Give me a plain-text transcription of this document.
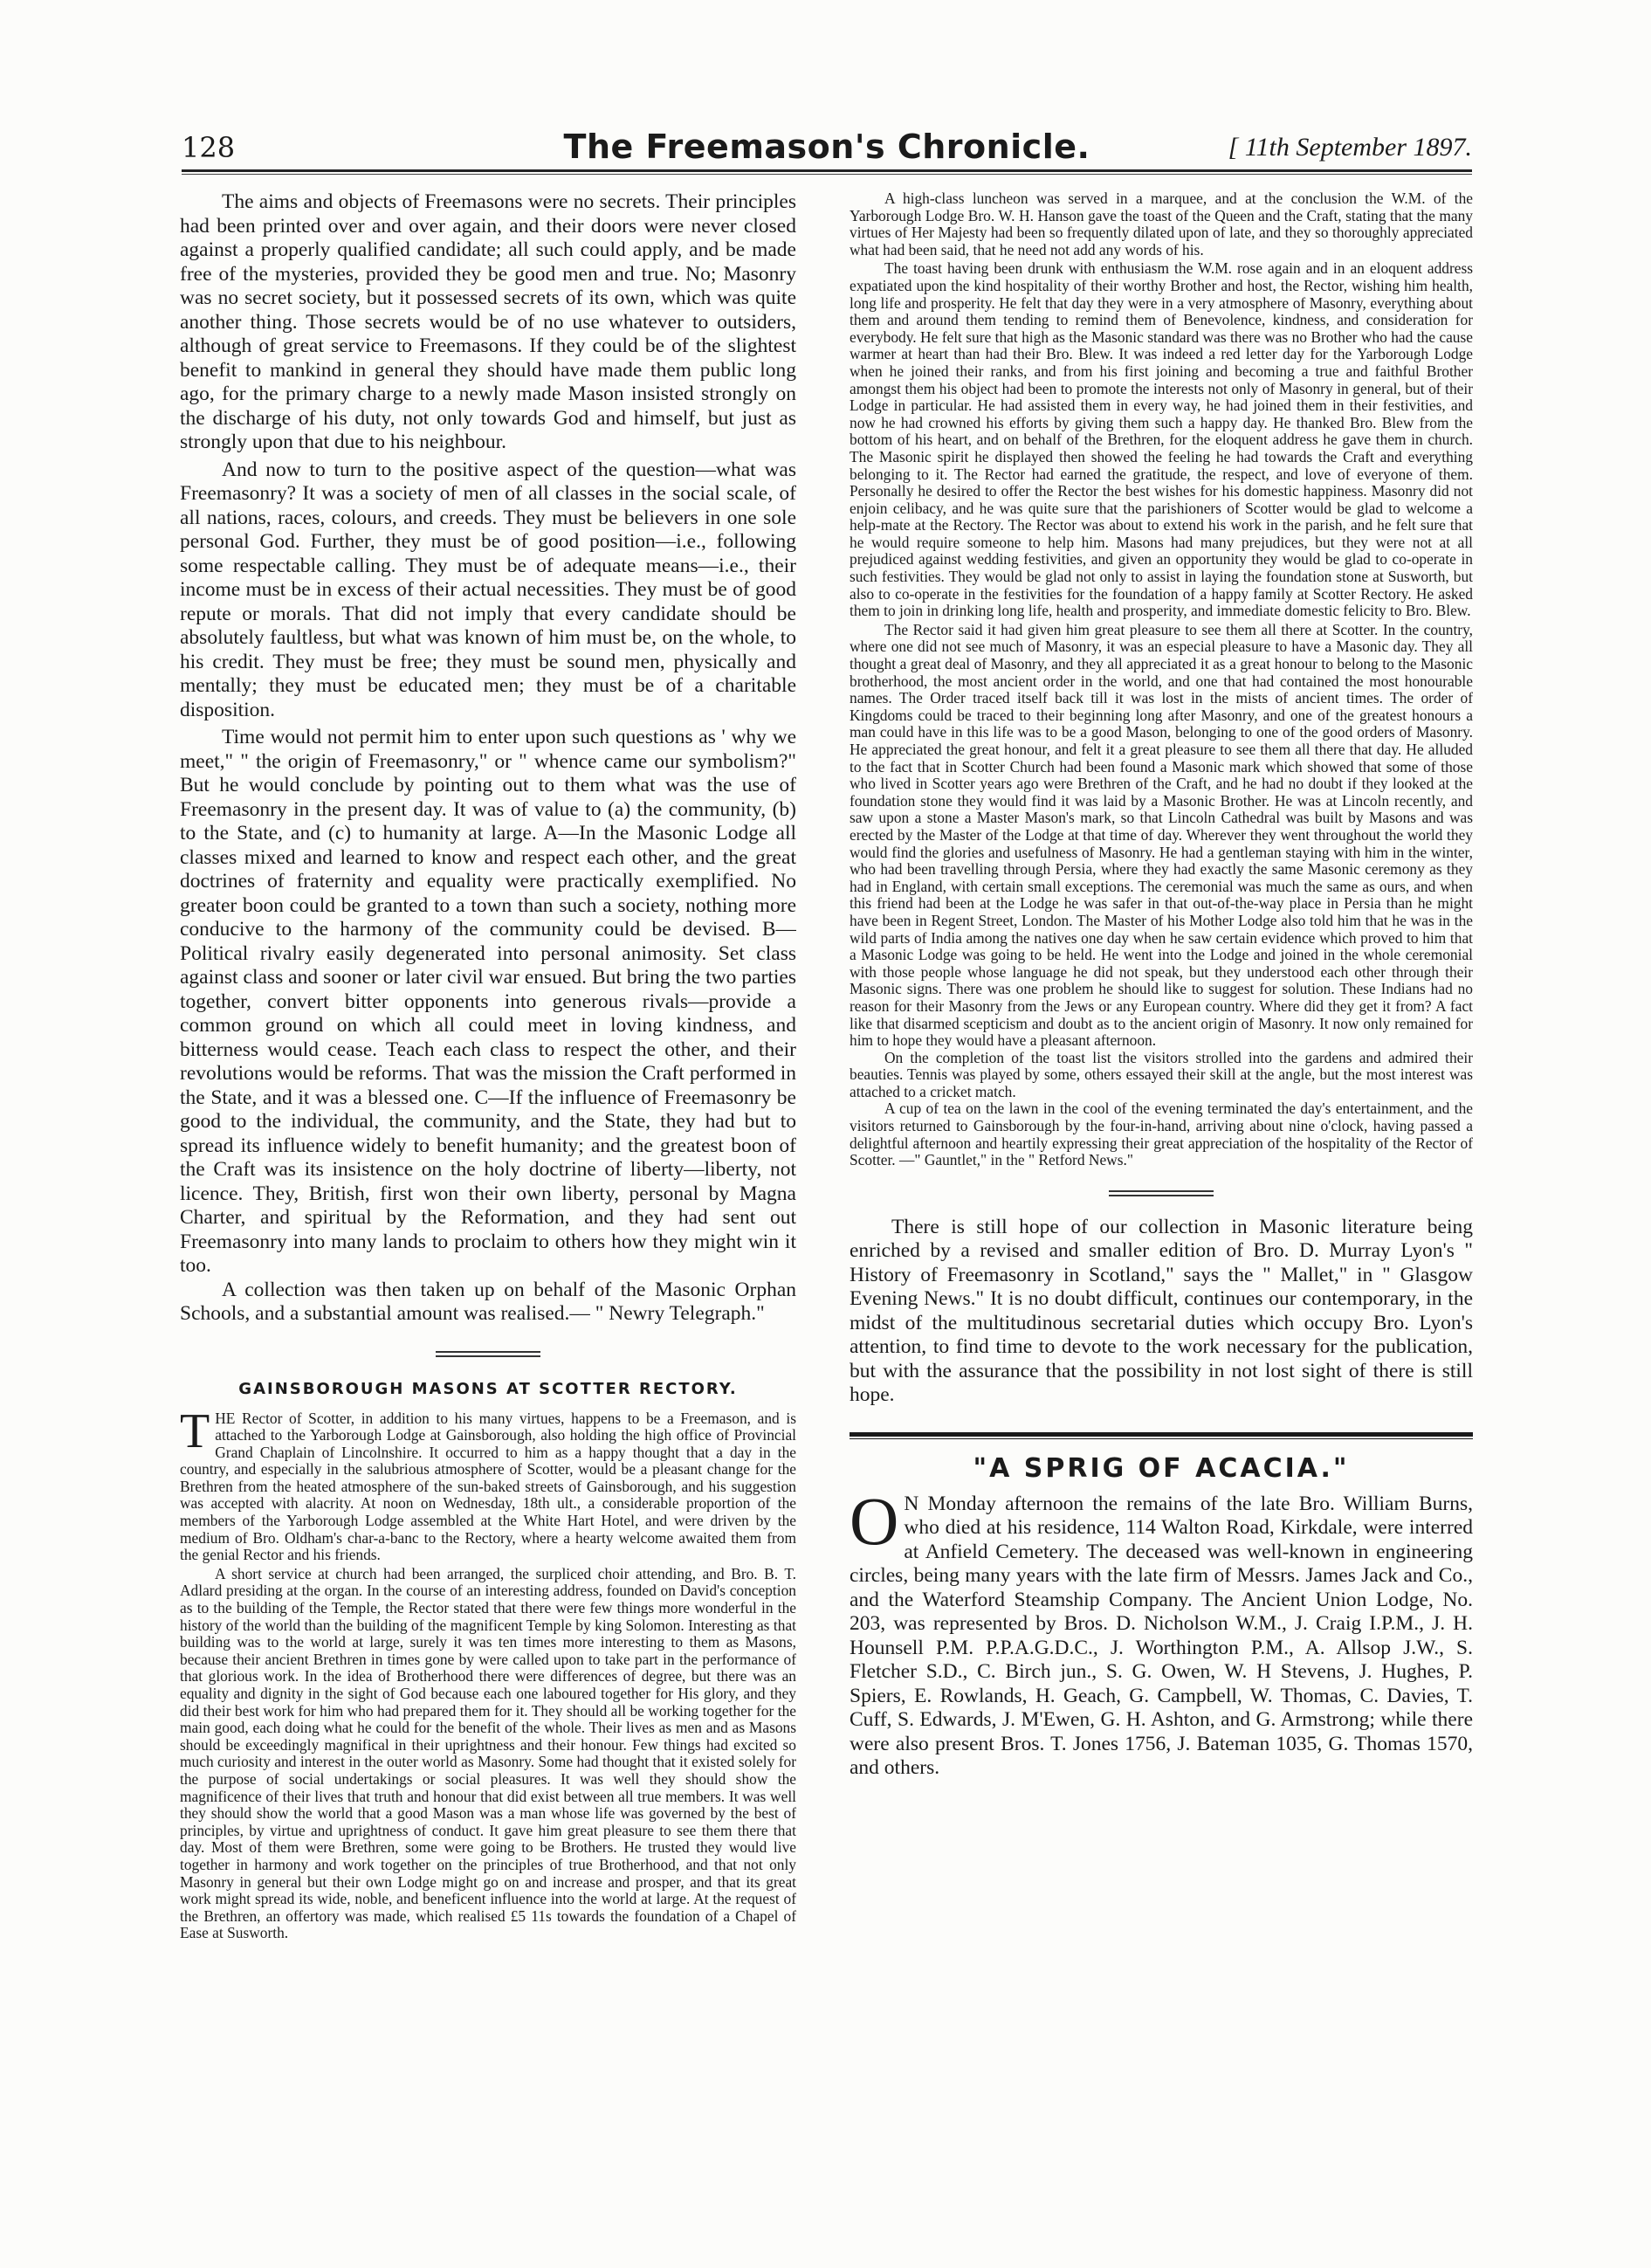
128	The Freemason's Chronicle.	[ 11th September 1897.

The aims and objects of Freemasons were no secrets. Their principles had been printed over and over again, and their doors were never closed against a properly qualified candidate; all such could apply, and be made free of the mysteries, provided they be good men and true. No; Masonry was no secret society, but it possessed secrets of its own, which was quite another thing. Those secrets would be of no use whatever to outsiders, although of great service to Freemasons. If they could be of the slightest benefit to mankind in general they should have made them public long ago, for the primary charge to a newly made Mason insisted strongly on the discharge of his duty, not only towards God and himself, but just as strongly upon that due to his neighbour.

And now to turn to the positive aspect of the question—what was Freemasonry? It was a society of men of all classes in the social scale, of all nations, races, colours, and creeds. They must be believers in one sole personal God. Further, they must be of good position—i.e., following some respectable calling. They must be of adequate means—i.e., their income must be in excess of their actual necessities. They must be of good repute or morals. That did not imply that every candidate should be absolutely faultless, but what was known of him must be, on the whole, to his credit. They must be free; they must be sound men, physically and mentally; they must be educated men; they must be of a charitable disposition.

Time would not permit him to enter upon such questions as ' why we meet," " the origin of Freemasonry," or " whence came our symbolism?" But he would conclude by pointing out to them what was the use of Freemasonry in the present day. It was of value to (a) the community, (b) to the State, and (c) to humanity at large. A—In the Masonic Lodge all classes mixed and learned to know and respect each other, and the great doctrines of fraternity and equality were practically exemplified. No greater boon could be granted to a town than such a society, nothing more conducive to the harmony of the community could be devised. B—Political rivalry easily degenerated into personal animosity. Set class against class and sooner or later civil war ensued. But bring the two parties together, convert bitter opponents into generous rivals—provide a common ground on which all could meet in loving kindness, and bitterness would cease. Teach each class to respect the other, and their revolutions would be reforms. That was the mission the Craft performed in the State, and it was a blessed one. C—If the influence of Freemasonry be good to the individual, the community, and the State, they had but to spread its influence widely to benefit humanity; and the greatest boon of the Craft was its insistence on the holy doctrine of liberty—liberty, not licence. They, British, first won their own liberty, personal by Magna Charter, and spiritual by the Reformation, and they had sent out Freemasonry into many lands to proclaim to others how they might win it too.

A collection was then taken up on behalf of the Masonic Orphan Schools, and a substantial amount was realised.— " Newry Telegraph."

GAINSBOROUGH MASONS AT SCOTTER RECTORY.
T HE Rector of Scotter, in addition to his many virtues, happens to be a Freemason, and is attached to the Yarborough Lodge at Gainsborough, also holding the high office of Provincial Grand Chaplain of Lincolnshire. It occurred to him as a happy thought that a day in the country, and especially in the salubrious atmosphere of Scotter, would be a pleasant change for the Brethren from the heated atmosphere of the sun-baked streets of Gainsborough, and his suggestion was accepted with alacrity. At noon on Wednesday, 18th ult., a considerable proportion of the members of the Yarborough Lodge assembled at the White Hart Hotel, and were driven by the medium of Bro. Oldham's char-a-banc to the Rectory, where a hearty welcome awaited them from the genial Rector and his friends.

A short service at church had been arranged, the surpliced choir attending, and Bro. B. T. Adlard presiding at the organ. In the course of an interesting address, founded on David's conception as to the building of the Temple, the Rector stated that there were few things more wonderful in the history of the world than the building of the magnificent Temple by king Solomon. Interesting as that building was to the world at large, surely it was ten times more interesting to them as Masons, because their ancient Brethren in times gone by were called upon to take part in the performance of that glorious work. In the idea of Brotherhood there were differences of degree, but there was an equality and dignity in the sight of God because each one laboured together for His glory, and they did their best work for him who had prepared them for it. They should all be working together for the main good, each doing what he could for the benefit of the whole. Their lives as men and as Masons should be exceedingly magnifical in their uprightness and their honour. Few things had excited so much curiosity and interest in the outer world as Masonry. Some had thought that it existed solely for the purpose of social undertakings or social pleasures. It was well they should show the magnificence of their lives that truth and honour that did exist between all true members. It was well they should show the world that a good Mason was a man whose life was governed by the best of principles, by virtue and uprightness of conduct. It gave him great pleasure to see them there that day. Most of them were Brethren, some were going to be Brothers. He trusted they would live together in harmony and work together on the principles of true Brotherhood, and that not only Masonry in general but their own Lodge might go on and increase and prosper, and that its great work might spread its wide, noble, and beneficent influence into the world at large. At the request of the Brethren, an offertory was made, which realised £5 11s towards the foundation of a Chapel of Ease at Susworth.

A high-class luncheon was served in a marquee, and at the conclusion the W.M. of the Yarborough Lodge Bro. W. H. Hanson gave the toast of the Queen and the Craft, stating that the many virtues of Her Majesty had been so frequently dilated upon of late, and they so thoroughly appreciated what had been said, that he need not add any words of his.

The toast having been drunk with enthusiasm the W.M. rose again and in an eloquent address expatiated upon the kind hospitality of their worthy Brother and host, the Rector, wishing him health, long life and prosperity. He felt that day they were in a very atmosphere of Masonry, everything about them and around them tending to remind them of Benevolence, kindness, and consideration for everybody. He felt sure that high as the Masonic standard was there was no Brother who had the cause warmer at heart than had their Bro. Blew. It was indeed a red letter day for the Yarborough Lodge when he joined their ranks, and from his first joining and becoming a true and faithful Brother amongst them his object had been to promote the interests not only of Masonry in general, but of their Lodge in particular. He had assisted them in every way, he had joined them in their festivities, and now he had crowned his efforts by giving them such a happy day. He thanked Bro. Blew from the bottom of his heart, and on behalf of the Brethren, for the eloquent address he gave them in church. The Masonic spirit he displayed then showed the feeling he had towards the Craft and everything belonging to it. The Rector had earned the gratitude, the respect, and love of everyone of them. Personally he desired to offer the Rector the best wishes for his domestic happiness. Masonry did not enjoin celibacy, and he was quite sure that the parishioners of Scotter would be glad to welcome a help-mate at the Rectory. The Rector was about to extend his work in the parish, and he felt sure that he would require someone to help him. Masons had many prejudices, but they were not at all prejudiced against wedding festivities, and given an opportunity they would be glad to co-operate in such festivities. They would be glad not only to assist in laying the foundation stone at Susworth, but also to co-operate in the festivities for the foundation of a happy family at Scotter Rectory. He asked them to join in drinking long life, health and prosperity, and immediate domestic felicity to Bro. Blew.

The Rector said it had given him great pleasure to see them all there at Scotter. In the country, where one did not see much of Masonry, it was an especial pleasure to have a Masonic day. They all thought a great deal of Masonry, and they all appreciated it as a great honour to belong to the Masonic brotherhood, the most ancient order in the world, and one that had contained the most honourable names. The Order traced itself back till it was lost in the mists of ancient times. The order of Kingdoms could be traced to their beginning long after Masonry, and one of the greatest honours a man could have in this life was to be a good Mason, belonging to one of the good orders of Masonry. He appreciated the great honour, and felt it a great pleasure to see them all there that day. He alluded to the fact that in Scotter Church had been found a Masonic mark which showed that some of those who lived in Scotter years ago were Brethren of the Craft, and he had no doubt if they looked at the foundation stone they would find it was laid by a Masonic Brother. He was at Lincoln recently, and saw upon a stone a Master Mason's mark, so that Lincoln Cathedral was built by Masons and was erected by the Master of the Lodge at that time of day. Wherever they went throughout the world they would find the glories and usefulness of Masonry. He had a gentleman staying with him in the winter, who had been travelling through Persia, where they had exactly the same Masonic ceremony as they had in England, with certain small exceptions. The ceremonial was much the same as ours, and when this friend had been at the Lodge he was safer in that out-of-the-way place in Persia than he might have been in Regent Street, London. The Master of his Mother Lodge also told him that he was in the wild parts of India among the natives one day when he saw certain evidence which proved to him that a Masonic Lodge was going to be held. He went into the Lodge and joined in the whole ceremonial with those people whose language he did not speak, but they understood each other through their Masonic signs. There was one problem he should like to suggest for solution. These Indians had no reason for their Masonry from the Jews or any European country. Where did they get it from? A fact like that disarmed scepticism and doubt as to the ancient origin of Masonry. It now only remained for him to hope they would have a pleasant afternoon.

On the completion of the toast list the visitors strolled into the gardens and admired their beauties. Tennis was played by some, others essayed their skill at the angle, but the most interest was attached to a cricket match.

A cup of tea on the lawn in the cool of the evening terminated the day's entertainment, and the visitors returned to Gainsborough by the four-in-hand, arriving about nine o'clock, having passed a delightful afternoon and heartily expressing their great appreciation of the hospitality of the Rector of Scotter. —" Gauntlet," in the " Retford News."

There is still hope of our collection in Masonic literature being enriched by a revised and smaller edition of Bro. D. Murray Lyon's " History of Freemasonry in Scotland," says the " Mallet," in " Glasgow Evening News." It is no doubt difficult, continues our contemporary, in the midst of the multitudinous secretarial duties which occupy Bro. Lyon's attention, to find time to devote to the work necessary for the publication, but with the assurance that the possibility in not lost sight of there is still hope.

"A SPRIG OF ACACIA."
O N Monday afternoon the remains of the late Bro. William Burns, who died at his residence, 114 Walton Road, Kirkdale, were interred at Anfield Cemetery. The deceased was well-known in engineering circles, being many years with the late firm of Messrs. James Jack and Co., and the Waterford Steamship Company. The Ancient Union Lodge, No. 203, was represented by Bros. D. Nicholson W.M., J. Craig I.P.M., J. H. Hounsell P.M. P.P.A.G.D.C., J. Worthington P.M., A. Allsop J.W., S. Fletcher S.D., C. Birch jun., S. G. Owen, W. H Stevens, J. Hughes, P. Spiers, E. Rowlands, H. Geach, G. Campbell, W. Thomas, C. Davies, T. Cuff, S. Edwards, J. M'Ewen, G. H. Ashton, and G. Armstrong; while there were also present Bros. T. Jones 1756, J. Bateman 1035, G. Thomas 1570, and others.
